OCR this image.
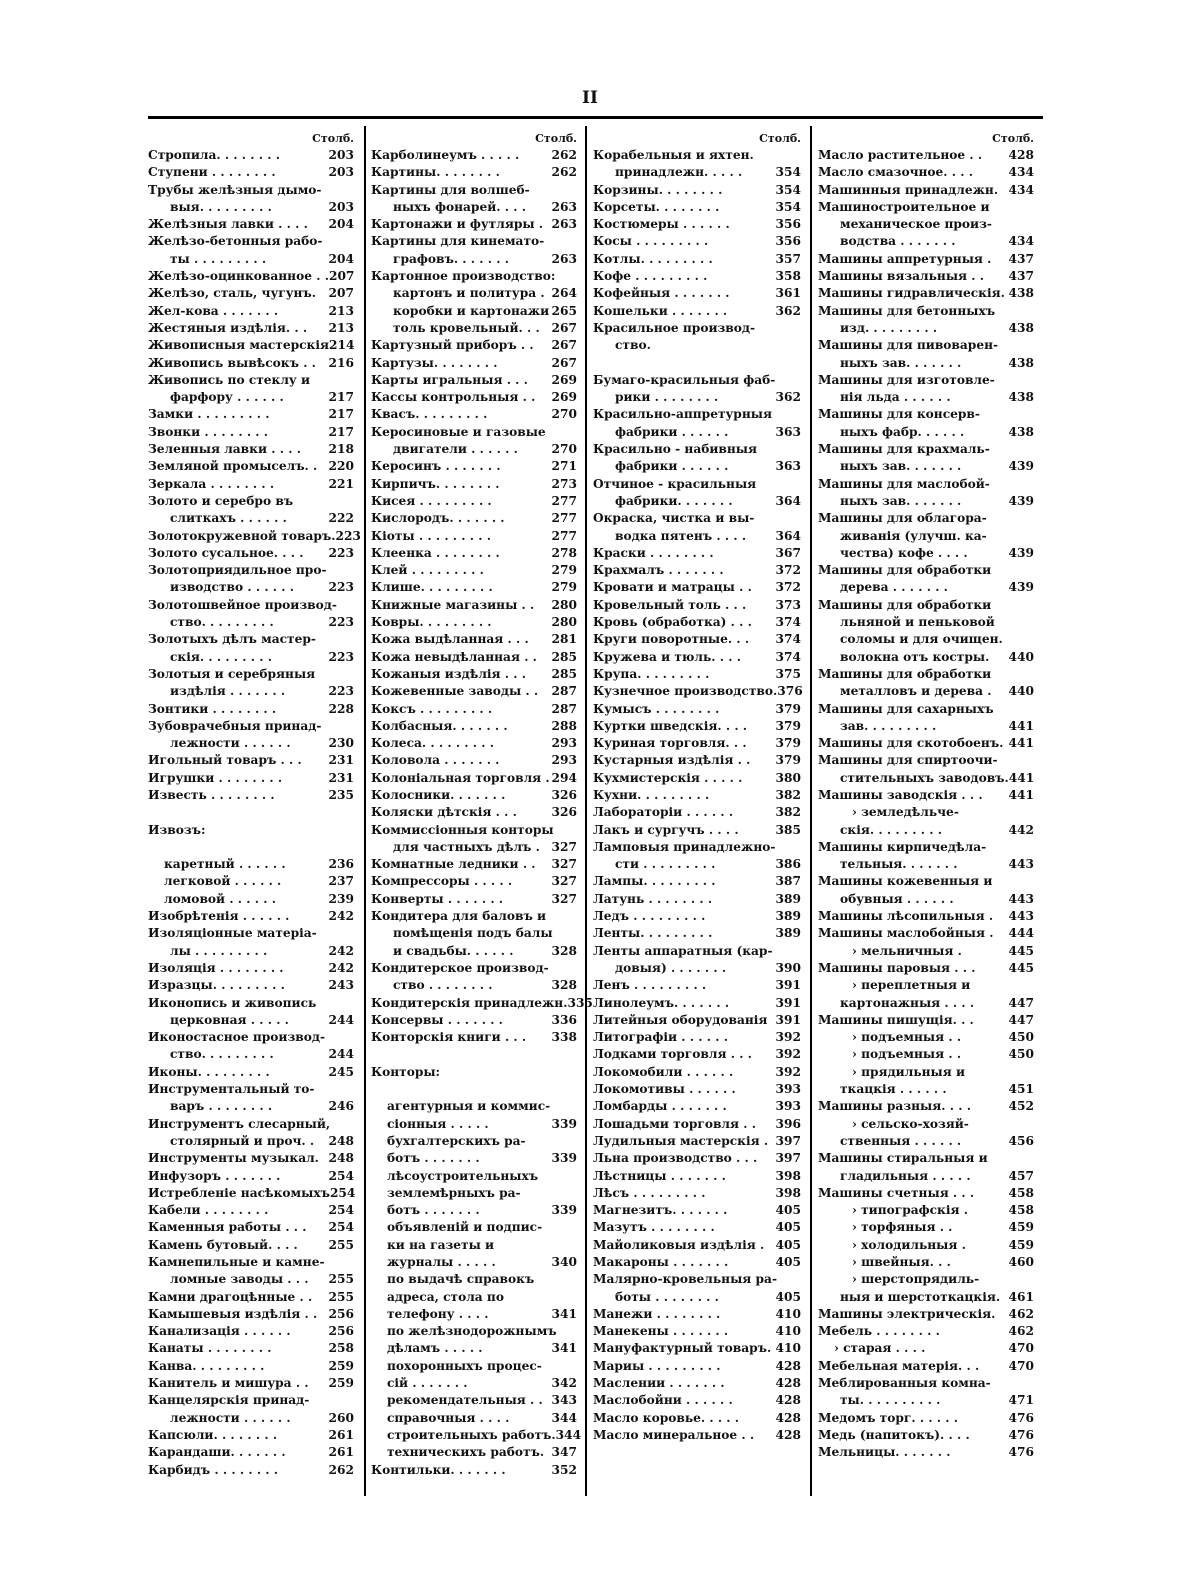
II
Столб.
Стропила. . . . . . . .	203
Ступени . . . . . . . .	203
Трубы желѣзныя дымо-
выя. . . . . . . . .	203
Желѣзныя лавки . . . .	204
Желѣзо-бетонныя рабо-
ты . . . . . . . . .	204
Желѣзо-оцинкованное . . 207
Желѣзо, сталь, чугунъ.	207
Жел-кова . . . . . . .	213
Жестяныя издѣлія. . .	213
Живописныя мастерскія 214
Живопись вывѣсокъ . .	216
Живопись по стеклу и
фарфору . . . . . .	217
Замки . . . . . . . . .	217
Звонки . . . . . . . .	217
Зеленныя лавки . . . .	218
Земляной промыселъ. . 220
Зеркала . . . . . . . .	221
Золото и серебро въ
слиткахъ . . . . . .	222
Золотокружевной товаръ. 223
Золото сусальное. . . .	223
Золотоприядильное про-
изводство . . . . . .	223
Золотошвейное производ-
ство. . . . . . . . .	223
Золотыхъ дѣлъ мастер-
скія. . . . . . . . .	223
Золотыя и серебряныя
издѣлія . . . . . . .	223
Зонтики . . . . . . . .	228
Зубоврачебныя принад-
лежности . . . . . .	230
Игольный товаръ . . .	231
Игрушки . . . . . . . .	231
Известь . . . . . . . .	235
Извозъ:
каретный . . . . . .	236
легковой . . . . . .	237
ломовой . . . . . .	239
Изобрѣтенія . . . . . .	242
Изоляціонные матеріа-
лы . . . . . . . . .	242
Изоляція . . . . . . . .	242
Изразцы. . . . . . . . .	243
Иконопись и живопись
церковная . . . . .	244
Иконостасное производ-
ство. . . . . . . . .	244
Иконы. . . . . . . . .	245
Инструментальный то-
варъ . . . . . . . .	246
Инструментъ слесарный,
столярный и проч. .	248
Инструменты музыкал. 248
Инфузоръ . . . . . . .	254
Истребленіе насѣкомыхъ 254
Кабели . . . . . . . .	254
Каменныя работы . . .	254
Камень бутовый. . . .	255
Камнепильные и камне-
ломные заводы . . .	255
Камни драгоцѣнные . .	255
Камышевыя издѣлія . . 256
Канализація . . . . . .	256
Канаты . . . . . . . .	258
Канва. . . . . . . . .	259
Канитель и мишура . .	259
Канцелярскія принад-
лежности . . . . . .	260
Капсюли. . . . . . . .	261
Карандаши. . . . . . .	261
Карбидъ . . . . . . . .	262
Столб.
Карболинеумъ . . . . .	262
Картины. . . . . . . .	262
Картины для волшеб-
ныхъ фонарей. . . .	263
Картонажи и футляры . 263
Картины для кинемато-
графовъ. . . . . . .	263
Картонное производство:
картонъ и политура . 264
коробки и картонажи 265
толь кровельный. . . 267
Картузный приборъ . .	267
Картузы. . . . . . . .	267
Карты игральныя . . .	269
Кассы контрольныя . .	269
Квасъ. . . . . . . . .	270
Керосиновые и газовые
двигатели . . . . . .	270
Керосинъ . . . . . . .	271
Кирпичъ. . . . . . . .	273
Кисея . . . . . . . . .	277
Кислородъ. . . . . . .	277
Кіоты . . . . . . . . .	277
Клеенка . . . . . . . .	278
Клей . . . . . . . . .	279
Клише. . . . . . . . .	279
Книжные магазины . .	280
Ковры. . . . . . . . .	280
Кожа выдѣланная . . .	281
Кожа невыдѣланная . .	285
Кожаныя издѣлія . . .	285
Кожевенные заводы . .	287
Коксъ . . . . . . . . .	287
Колбасныя. . . . . . .	288
Колеса. . . . . . . . .	293
Коловола . . . . . . .	293
Колоніальная торговля . 294
Колосники. . . . . . .	326
Коляски дѣтскія . . .	326
Коммиссіонныя конторы
для частныхъ дѣлъ . 327
Комнатные ледники . .	327
Компрессоры . . . . .	327
Конверты . . . . . . .	327
Кондитера для баловъ и
помѣщенія подъ балы
и свадьбы. . . . . .	328
Кондитерское производ-
ство . . . . . . . .	328
Кондитерскія принадлежн. 335
Консервы . . . . . . .	336
Конторскія книги . . .	338
Конторы:
агентурныя и коммис-
сіонныя . . . . .	339
бухгалтерскихъ ра-
ботъ . . . . . . .	339
лѣсоустроительныхъ
землемѣрныхъ ра-
ботъ . . . . . . .	339
объявленій и подпис-
ки на газеты и
журналы . . . . .	340
по выдачѣ справокъ
адреса, стола по
телефону . . . .	341
по желѣзнодорожнымъ
дѣламъ . . . . .	341
похоронныхъ процес-
сій . . . . . . .	342
рекомендательныя . . 343
справочныя . . . .	344
строительныхъ работъ. 344
техническихъ работъ. 347
Контильки. . . . . . .	352
Столб.
Корабельныя и яхтен.
принадлежн. . . . .	354
Корзины. . . . . . . .	354
Корсеты. . . . . . . .	354
Костюмеры . . . . . .	356
Косы . . . . . . . . .	356
Котлы. . . . . . . . .	357
Кофе . . . . . . . . .	358
Кофейныя . . . . . . .	361
Кошельки . . . . . . .	362
Красильное производ-
ство.
Бумаго-красильныя фаб-
рики . . . . . . . .	362
Красильно-аппретурныя
фабрики . . . . . .	363
Красильно - набивныя
фабрики . . . . . .	363
Отчиное - красильныя
фабрики. . . . . . .	364
Окраска, чистка и вы-
водка пятенъ . . . .	364
Краски . . . . . . . .	367
Крахмалъ . . . . . . .	372
Кровати и матрацы . .	372
Кровельный толь . . .	373
Кровь (обработка) . . .	374
Круги поворотные. . .	374
Кружева и тюль. . . .	374
Крупа. . . . . . . . .	375
Кузнечное производство. 376
Кумысъ . . . . . . . .	379
Куртки шведскія. . . .	379
Куриная торговля. . .	379
Кустарныя издѣлія . .	379
Кухмистерскія . . . . .	380
Кухни. . . . . . . . .	382
Лабораторіи . . . . . .	382
Лакъ и сургучъ . . . .	385
Ламповыя принадлежно-
сти . . . . . . . . .	386
Лампы. . . . . . . . .	387
Латунь . . . . . . . .	389
Ледъ . . . . . . . . .	389
Ленты. . . . . . . . .	389
Ленты аппаратныя (кар-
довыя) . . . . . . .	390
Ленъ . . . . . . . . .	391
Линолеумъ. . . . . . .	391
Литейныя оборудованія 391
Литографіи . . . . . .	392
Лодками торговля . . .	392
Локомобили . . . . . .	392
Локомотивы . . . . . .	393
Ломбарды . . . . . . .	393
Лошадьми торговля . .	396
Лудильныя мастерскія . 397
Льна производство . . .	397
Лѣстницы . . . . . . .	398
Лѣсъ . . . . . . . . .	398
Магнезитъ. . . . . . .	405
Мазутъ . . . . . . . .	405
Майоликовыя издѣлія . 405
Макароны . . . . . . .	405
Малярно-кровельныя ра-
боты . . . . . . . .	405
Манежи . . . . . . . .	410
Манекены . . . . . . .	410
Мануфактурный товаръ. 410
Мариы . . . . . . . . .	428
Маслении . . . . . . .	428
Маслобойни . . . . . .	428
Масло коровье. . . . .	428
Масло минеральное . .	428
Столб.
Масло растительное . .	428
Масло смазочное. . . .	434
Машинныя принадлежн. 434
Машиностроительное и
механическое произ-
водства . . . . . . .	434
Машины аппретурныя .	437
Машины вязальныя . .	437
Машины гидравлическія. 438
Машины для бетонныхъ
изд. . . . . . . . .	438
Машины для пивоварен-
ныхъ зав. . . . . . .	438
Машины для изготовле-
нія льда . . . . . .	438
Машины для консерв-
ныхъ фабр. . . . . .	438
Машины для крахмаль-
ныхъ зав. . . . . . .	439
Машины для маслобой-
ныхъ зав. . . . . . .	439
Машины для облагора-
живанія (улучш. ка-
чества) кофе . . . .	439
Машины для обработки
дерева . . . . . . .	439
Машины для обработки
льняной и пеньковой
соломы и для очищен.
волокна отъ костры.	440
Машины для обработки
металловъ и дерева .	440
Машины для сахарныхъ
зав. . . . . . . . .	441
Машины для скотобоенъ. 441
Машины для спиртоочи-
стительныхъ заводовъ. 441
Машины заводскія . . .	441
› земледѣльче-
скія. . . . . . . . .	442
Машины кирпичедѣла-
тельныя. . . . . . .	443
Машины кожевенныя и
обувныя . . . . . .	443
Машины лѣсопильныя .	443
Машины маслобойныя .	444
› мельничныя .	445
Машины паровыя . . .	445
› переплетныя и
картонажныя . . . .	447
Машины пишущія. . .	447
› подъемныя . .	450
› подъемныя . .	450
› прядильныя и
ткацкія . . . . . .	451
Машины разныя. . . .	452
› сельско-хозяй-
ственныя . . . . . .	456
Машины стиральныя и
гладильныя . . . . .	457
Машины счетныя . . .	458
› типографскія .	458
› торфяныя . .	459
› холодильныя .	459
› швейныя. . .	460
› шерстопрядиль-
ныя и шерстоткацкія. 461
Машины электрическія.	462
Мебель . . . . . . . .	462
› старая . . . .	470
Мебельная матерія. . .	470
Меблированныя комна-
ты. . . . . . . . . .	471
Медомъ торг. . . . . .	476
Медь (напитокъ). . . .	476
Мельницы. . . . . . .	476
